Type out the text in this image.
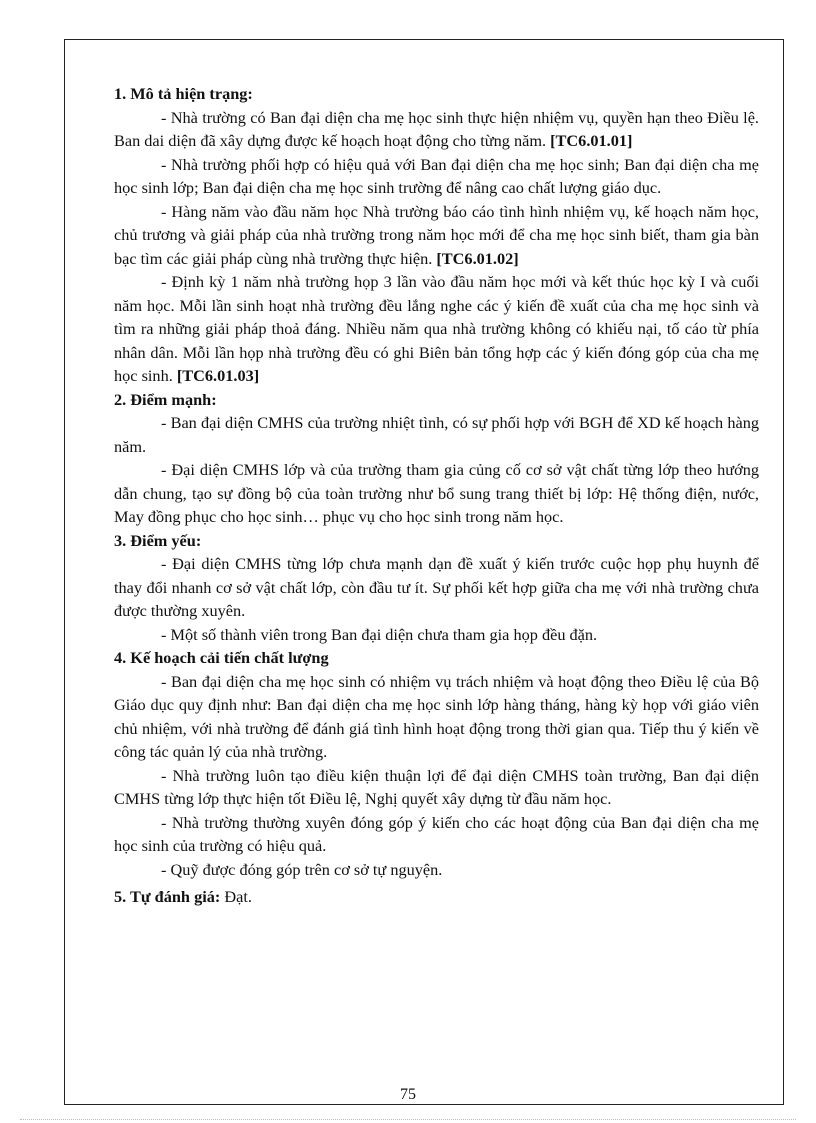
1. Mô tả hiện trạng:

- Nhà trường có Ban đại diện cha mẹ học sinh thực hiện nhiệm vụ, quyền hạn theo Điều lệ. Ban dai diện đã xây dựng được kế hoạch hoạt động cho từng năm. [TC6.01.01]

- Nhà trường phối hợp có hiệu quả với Ban đại diện cha mẹ học sinh; Ban đại diện cha mẹ học sinh lớp; Ban đại diện cha mẹ học sinh trường để nâng cao chất lượng giáo dục.

- Hàng năm vào đầu năm học Nhà trường báo cáo tình hình nhiệm vụ, kế hoạch năm học, chủ trương và giải pháp của nhà trường trong năm học mới để cha mẹ học sinh biết, tham gia bàn bạc tìm các giải pháp cùng nhà trường thực hiện. [TC6.01.02]

- Định kỳ 1 năm nhà trường họp 3 lần vào đầu năm học mới và kết thúc học kỳ I và cuối năm học. Mỗi lần sinh hoạt nhà trường đều lắng nghe các ý kiến đề xuất của cha mẹ học sinh và tìm ra những giải pháp thoả đáng. Nhiều năm qua nhà trường không có khiếu nại, tố cáo từ phía nhân dân. Mỗi lần họp nhà trường đều có ghi Biên bản tổng hợp các ý kiến đóng góp của cha mẹ học sinh. [TC6.01.03]

2. Điểm mạnh:

- Ban đại diện CMHS của trường nhiệt tình, có sự phối hợp với BGH để XD kế hoạch hàng năm.

- Đại diện CMHS lớp và của trường tham gia củng cố cơ sở vật chất từng lớp theo hướng dẫn chung, tạo sự đồng bộ của toàn trường như bổ sung trang thiết bị lớp: Hệ thống điện, nước, May đồng phục cho học sinh… phục vụ cho học sinh trong năm học.

3. Điểm yếu:

- Đại diện CMHS từng lớp chưa mạnh dạn đề xuất ý kiến trước cuộc họp phụ huynh để thay đổi nhanh cơ sở vật chất lớp, còn đầu tư ít. Sự phối kết hợp giữa cha mẹ với nhà trường chưa được thường xuyên.

- Một số thành viên trong Ban đại diện chưa tham gia họp đều đặn.

4. Kế hoạch cải tiến chất lượng

- Ban đại diện cha mẹ học sinh có nhiệm vụ trách nhiệm và hoạt động theo Điều lệ của Bộ Giáo dục quy định như: Ban đại diện cha mẹ học sinh lớp hàng tháng, hàng kỳ họp với giáo viên chủ nhiệm, với nhà trường để đánh giá tình hình hoạt động trong thời gian qua. Tiếp thu ý kiến về công tác quản lý của nhà trường.

- Nhà trường luôn tạo điều kiện thuận lợi để đại diện CMHS toàn trường, Ban đại diện CMHS từng lớp thực hiện tốt Điều lệ, Nghị quyết xây dựng từ đầu năm học.

- Nhà trường thường xuyên đóng góp ý kiến cho các hoạt động của Ban đại diện cha mẹ học sinh của trường có hiệu quả.

- Quỹ được đóng góp trên cơ sở tự nguyện.

5. Tự đánh giá: Đạt.

75
